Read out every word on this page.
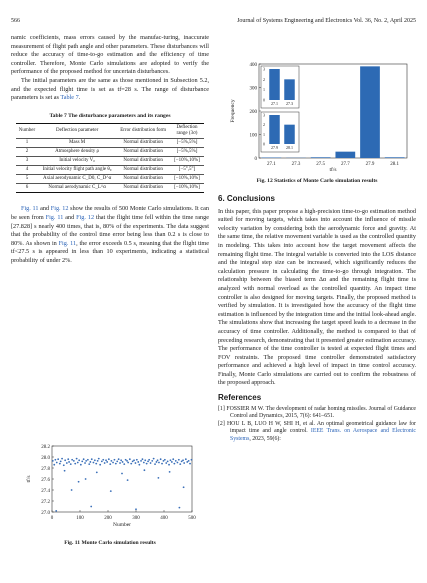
566	Journal of Systems Engineering and Electronics Vol. 36, No. 2, April 2025

namic coefficients, mass errors caused by the manufac-turing, inaccurate measurement of flight path angle and other parameters. These disturbances will reduce the accuracy of time-to-go estimation and the efficiency of time controller. Therefore, Monte Carlo simulations are adopted to verify the performance of the proposed method for uncertain disturbances.

The initial parameters are the same as those mentioned in Subsection 5.2, and the expected flight time is set as tf=28 s. The range of disturbance parameters is set as Table 7.

Table 7 The disturbance parameters and its ranges
Number	Deflection parameter	Error distribution form	Deflection range (3σ)
1	Mass M	Normal distribution	[−5%,5%]
2	Atmosphere density ρ	Normal distribution	[−5%,5%]
3	Initial velocity V₀	Normal distribution	[−10%,10%]
4	Initial velocity flight path angle θ₀	Normal distribution	[−5°,5°]
5	Axial aerodynamic C_D0, C_D^α	Normal distribution	[−10%,10%]
6	Normal aerodynamic C_L^α	Normal distribution	[−10%,10%]

Fig. 11 and Fig. 12 show the results of 500 Monte Carlo simulations. It can be seen from Fig. 11 and Fig. 12 that the flight time fell within the time range [27.828] s nearly 400 times, that is, 80% of the experiments. The data suggest that the probability of the control time error being less than 0.2 s is close to 80%. As shown in Fig. 11, the error exceeds 0.5 s, meaning that the flight time tf<27.5 s is appeared in less than 10 experiments, indicating a statistical probability of under 2%.

27.0
27.2
27.4
27.6
27.8
28.0
28.2
0	100	200	300	400	500
Number
tf/s
Fig. 11 Monte Carlo simulation results
0
100
200
300
400
27.1	27.3	27.5	27.7	27.9	28.1
tf/s
Frequency	0
1
2
3
27.1 27.3
0
1
2
3
27.9 28.1
Fig. 12 Statistics of Monte Carlo simulation results
6. Conclusions

In this paper, this paper propose a high-precision time-to-go estimation method suited for moving targets, which takes into account the influence of missile velocity variation by considering both the aerodynamic force and gravity. At the same time, the relative movement variable is used as the controlled quantity in modeling. This takes into account how the target movement affects the remaining flight time. The integral variable is converted into the LOS distance and the integral step size can be increased, which significantly reduces the calculation pressure in calculating the time-to-go through integration. The relationship between the biased term Δα and the remaining flight time is analyzed with normal overload as the controlled quantity. An impact time controller is also designed for moving targets. Finally, the proposed method is verified by simulation. It is investigated how the accuracy of the flight time estimation is influenced by the integration time and the initial look-ahead angle. The simulations show that increasing the target speed leads to a decrease in the accuracy of time controller. Additionally, the method is compared to that of preceding research, demonstrating that it presented greater estimation accuracy. The performance of the time controller is tested at expected flight times and FOV restraints. The proposed time controller demonstrated satisfactory performance and achieved a high level of impact in time control accuracy. Finally, Monte Carlo simulations are carried out to confirm the robustness of the proposed approach.

References

[1] FOSSIER M W. The development of radar homing missiles. Journal of Guidance Control and Dynamics, 2015, 7(6): 641–651.

[2] HOU L B, LUO H W, SHI H, et al. An optimal geometrical guidance law for impact time and angle control. IEEE Trans. on Aerospace and Electronic Systems, 2023, 59(6):
